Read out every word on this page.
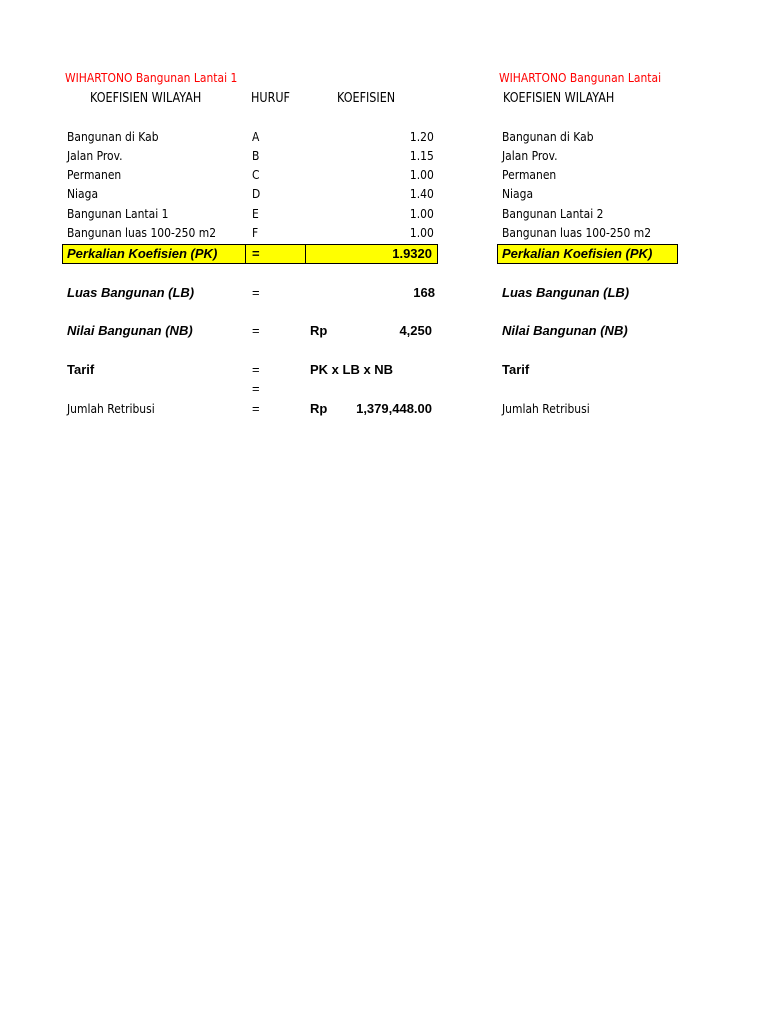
WIHARTONO Bangunan Lantai 1
KOEFISIEN WILAYAH	HURUF	KOEFISIEN
Bangunan di Kab	A	1.20
Jalan Prov.	B	1.15
Permanen	C	1.00
Niaga	D	1.40
Bangunan Lantai 1	E	1.00
Bangunan luas 100-250 m2	F	1.00
Perkalian Koefisien (PK)	=	1.9320
Luas Bangunan (LB)	=	168
Nilai Bangunan (NB)	=	Rp	4,250
Tarif	=	PK x LB x NB
=
Jumlah Retribusi	=	Rp 1,379,448.00
WIHARTONO Bangunan Lantai
KOEFISIEN WILAYAH
Bangunan di Kab
Jalan Prov.
Permanen
Niaga
Bangunan Lantai 2
Bangunan luas 100-250 m2
Perkalian Koefisien (PK)
Luas Bangunan (LB)
Nilai Bangunan (NB)
Tarif
Jumlah Retribusi
